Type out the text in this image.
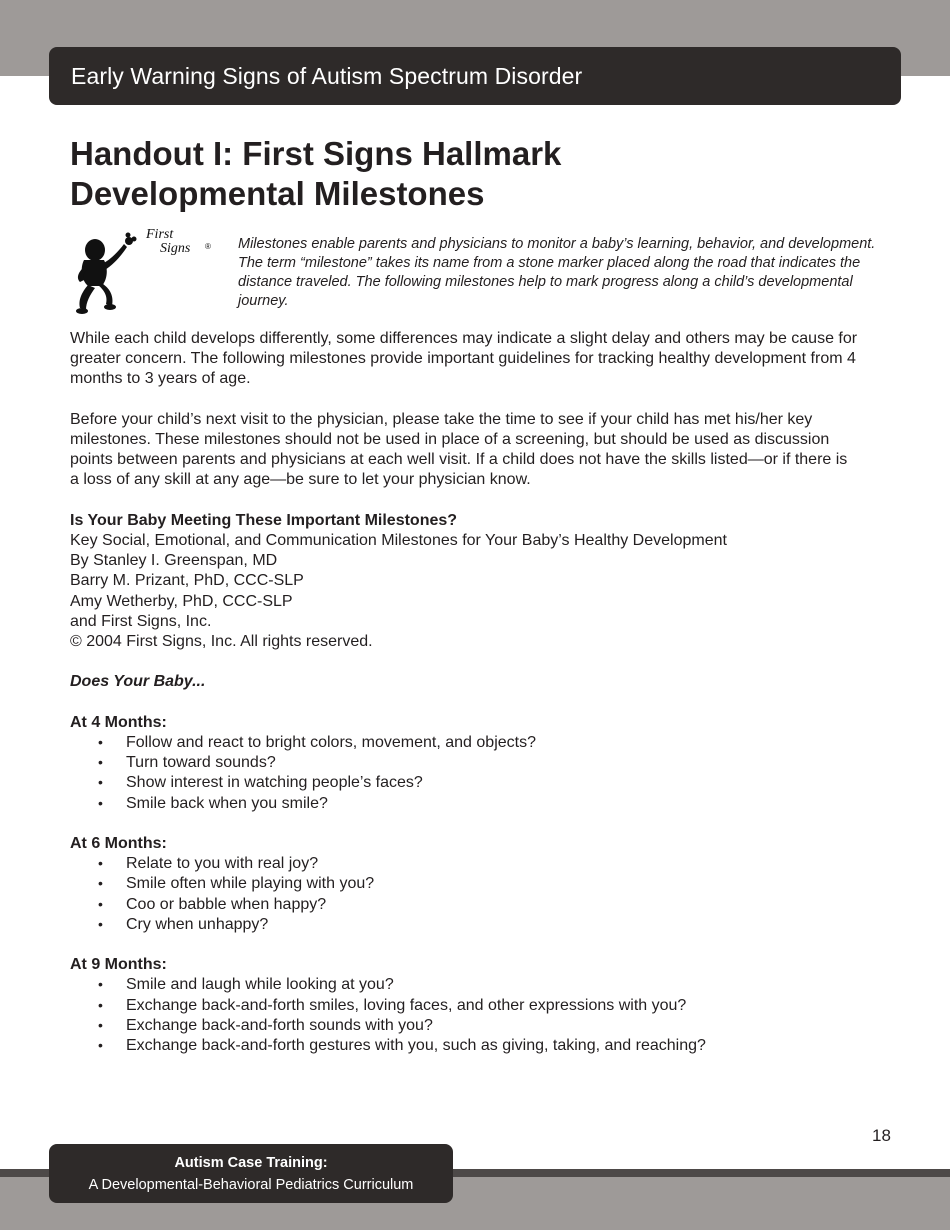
Early Warning Signs of Autism Spectrum Disorder
Handout I: First Signs Hallmark
Developmental Milestones
First
Signs ® Milestones enable parents and physicians to monitor a baby’s learning, behavior, and development. The term “milestone” takes its name from a stone marker placed along the road that indicates the distance traveled. The following milestones help to mark progress along a child’s developmental journey.

While each child develops differently, some differences may indicate a slight delay and others may be cause for greater concern. The following milestones provide important guidelines for tracking healthy development from 4 months to 3 years of age.

Before your child’s next visit to the physician, please take the time to see if your child has met his/her key milestones. These milestones should not be used in place of a screening, but should be used as discussion points between parents and physicians at each well visit. If a child does not have the skills listed—or if there is a loss of any skill at any age—be sure to let your physician know.

Is Your Baby Meeting These Important Milestones?
Key Social, Emotional, and Communication Milestones for Your Baby’s Healthy Development
By Stanley I. Greenspan, MD
Barry M. Prizant, PhD, CCC-SLP
Amy Wetherby, PhD, CCC-SLP
and First Signs, Inc.
© 2004 First Signs, Inc. All rights reserved.

Does Your Baby...

At 4 Months:
• Follow and react to bright colors, movement, and objects?
• Turn toward sounds?
• Show interest in watching people’s faces?
• Smile back when you smile?
At 6 Months:
• Relate to you with real joy?
• Smile often while playing with you?
• Coo or babble when happy?
• Cry when unhappy?
At 9 Months:
• Smile and laugh while looking at you?
• Exchange back-and-forth smiles, loving faces, and other expressions with you?
• Exchange back-and-forth sounds with you?
• Exchange back-and-forth gestures with you, such as giving, taking, and reaching?
18
Autism Case Training:
A Developmental-Behavioral Pediatrics Curriculum
